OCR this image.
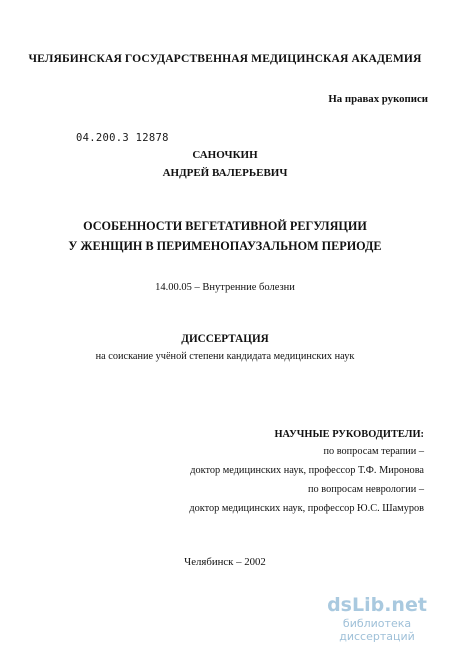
ЧЕЛЯБИНСКАЯ ГОСУДАРСТВЕННАЯ МЕДИЦИНСКАЯ АКАДЕМИЯ
На правах рукописи
04.200.3 12878
САНОЧКИН
АНДРЕЙ ВАЛЕРЬЕВИЧ
ОСОБЕННОСТИ ВЕГЕТАТИВНОЙ РЕГУЛЯЦИИ
У ЖЕНЩИН В ПЕРИМЕНОПАУЗАЛЬНОМ ПЕРИОДЕ
14.00.05 – Внутренние болезни
ДИССЕРТАЦИЯ
на соискание учёной степени кандидата медицинских наук
НАУЧНЫЕ РУКОВОДИТЕЛИ:
по вопросам терапии –
доктор медицинских наук, профессор Т.Ф. Миронова
по вопросам неврологии –
доктор медицинских наук, профессор Ю.С. Шамуров
Челябинск – 2002
dsLib.net
библиотека диссертаций
